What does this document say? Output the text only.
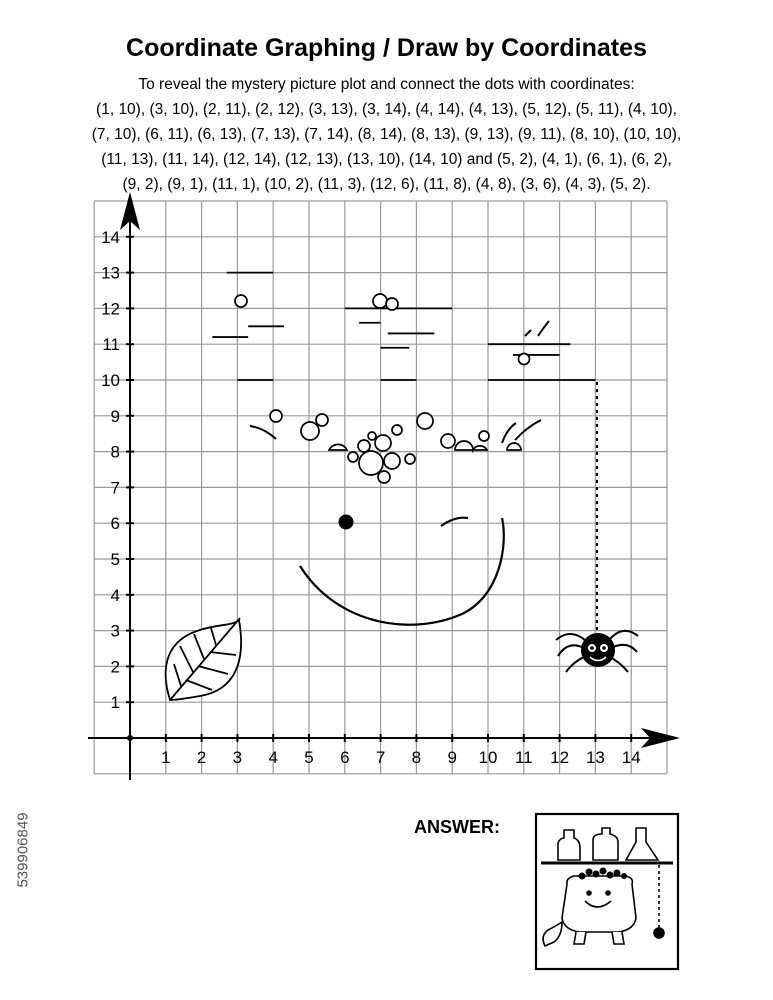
Coordinate Graphing / Draw by Coordinates
To reveal the mystery picture plot and connect the dots with coordinates:
(1, 10), (3, 10), (2, 11), (2, 12), (3, 13), (3, 14), (4, 14), (4, 13), (5, 12), (5, 11), (4, 10),
(7, 10), (6, 11), (6, 13), (7, 13), (7, 14), (8, 14), (8, 13), (9, 13), (9, 11), (8, 10), (10, 10),
(11, 13), (11, 14), (12, 14), (12, 13), (13, 10), (14, 10) and (5, 2), (4, 1), (6, 1), (6, 2),
(9, 2), (9, 1), (11, 1), (10, 2), (11, 3), (12, 6), (11, 8), (4, 8), (3, 6), (4, 3), (5, 2).
1 2 3 4 5 6 7 8 9 10 11 12 13 14
1
2
3
4
5
6
7
8
9
10
11
12
13
14
ANSWER:
539906849
